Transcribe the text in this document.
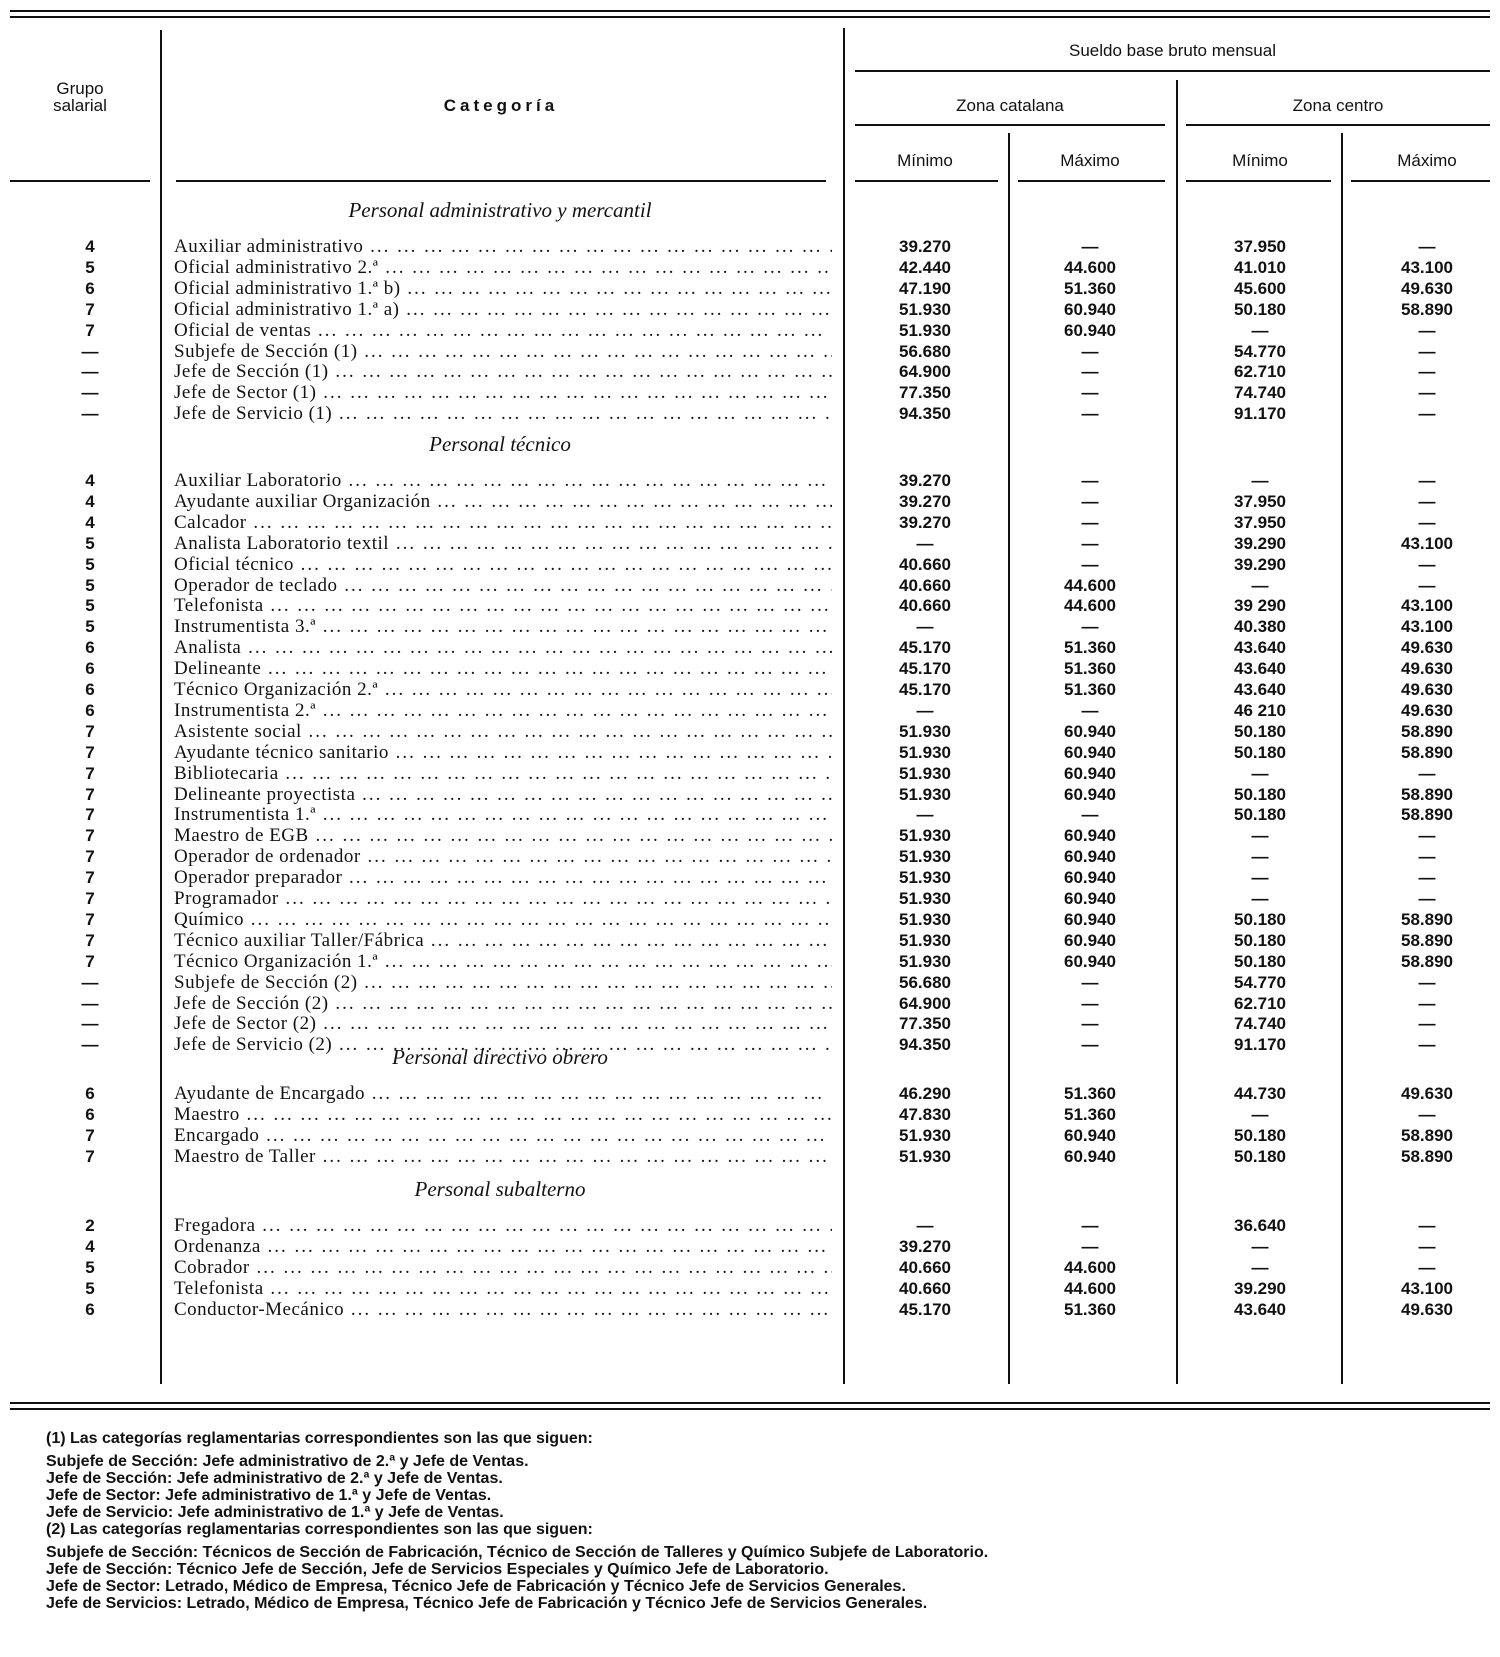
Grupo
salarial	Categoría
Sueldo base bruto mensual
Zona catalana	Zona centro
Mínimo	Máximo	Mínimo	Máximo
Personal administrativo y mercantil
4	Auxiliar administrativo ... .	39.270	—	37.950	—
5	Oficial administrativo 2.ª ... .	42.440	44.600	41.010	43.100
6	Oficial administrativo 1.ª b) ... .	47.190	51.360	45.600	49.630
7	Oficial administrativo 1.ª a) ... .	51.930	60.940	50.180	58.890
7	Oficial de ventas ... .	51.930	60.940	—	—
—	Subjefe de Sección (1) ... .	56.680	—	54.770	—
—	Jefe de Sección (1) ... .	64.900	—	62.710	—
—	Jefe de Sector (1) ... .	77.350	—	74.740	—
—	Jefe de Servicio (1) ... .	94.350	—	91.170	—
Personal técnico
4	Auxiliar Laboratorio ... .	39.270	—	—	—
4	Ayudante auxiliar Organización ... .	39.270	—	37.950	—
4	Calcador ... .	39.270	—	37.950	—
5	Analista Laboratorio textil ... .	—	—	39.290	43.100
5	Oficial técnico ... .	40.660	—	39.290	—
5	Operador de teclado ... .	40.660	44.600	—	—
5	Telefonista ... .	40.660	44.600	39 290	43.100
5	Instrumentista 3.ª ... .	—	—	40.380	43.100
6	Analista ... .	45.170	51.360	43.640	49.630
6	Delineante ... .	45.170	51.360	43.640	49.630
6	Técnico Organización 2.ª ... .	45.170	51.360	43.640	49.630
6	Instrumentista 2.ª ... .	—	—	46 210	49.630
7	Asistente social ... .	51.930	60.940	50.180	58.890
7	Ayudante técnico sanitario ... .	51.930	60.940	50.180	58.890
7	Bibliotecaria ... .	51.930	60.940	—	—
7	Delineante proyectista ... .	51.930	60.940	50.180	58.890
7	Instrumentista 1.ª ... .	—	—	50.180	58.890
7	Maestro de EGB ... .	51.930	60.940	—	—
7	Operador de ordenador ... .	51.930	60.940	—	—
7	Operador preparador ... .	51.930	60.940	—	—
7	Programador ... .	51.930	60.940	—	—
7	Químico ... .	51.930	60.940	50.180	58.890
7	Técnico auxiliar Taller/Fábrica ... .	51.930	60.940	50.180	58.890
7	Técnico Organización 1.ª ... .	51.930	60.940	50.180	58.890
—	Subjefe de Sección (2) ... .	56.680	—	54.770	—
—	Jefe de Sección (2) ... .	64.900	—	62.710	—
—	Jefe de Sector (2) ... .	77.350	—	74.740	—
—	Jefe de Servicio (2) ... .	94.350	—	91.170	—
Personal directivo obrero
6	Ayudante de Encargado ... .	46.290	51.360	44.730	49.630
6	Maestro ... .	47.830	51.360	—	—
7	Encargado ... .	51.930	60.940	50.180	58.890
7	Maestro de Taller ... .	51.930	60.940	50.180	58.890
Personal subalterno
2	Fregadora ... .	—	—	36.640	—
4	Ordenanza ... .	39.270	—	—	—
5	Cobrador ... .	40.660	44.600	—	—
5	Telefonista ... .	40.660	44.600	39.290	43.100
6	Conductor-Mecánico ... .	45.170	51.360	43.640	49.630
(1) Las categorías reglamentarias correspondientes son las que siguen:
Subjefe de Sección: Jefe administrativo de 2.ª y Jefe de Ventas.
Jefe de Sección: Jefe administrativo de 2.ª y Jefe de Ventas.
Jefe de Sector: Jefe administrativo de 1.ª y Jefe de Ventas.
Jefe de Servicio: Jefe administrativo de 1.ª y Jefe de Ventas.
(2) Las categorías reglamentarias correspondientes son las que siguen:
Subjefe de Sección: Técnicos de Sección de Fabricación, Técnico de Sección de Talleres y Químico Subjefe de Laboratorio.
Jefe de Sección: Técnico Jefe de Sección, Jefe de Servicios Especiales y Químico Jefe de Laboratorio.
Jefe de Sector: Letrado, Médico de Empresa, Técnico Jefe de Fabricación y Técnico Jefe de Servicios Generales.
Jefe de Servicios: Letrado, Médico de Empresa, Técnico Jefe de Fabricación y Técnico Jefe de Servicios Generales.
